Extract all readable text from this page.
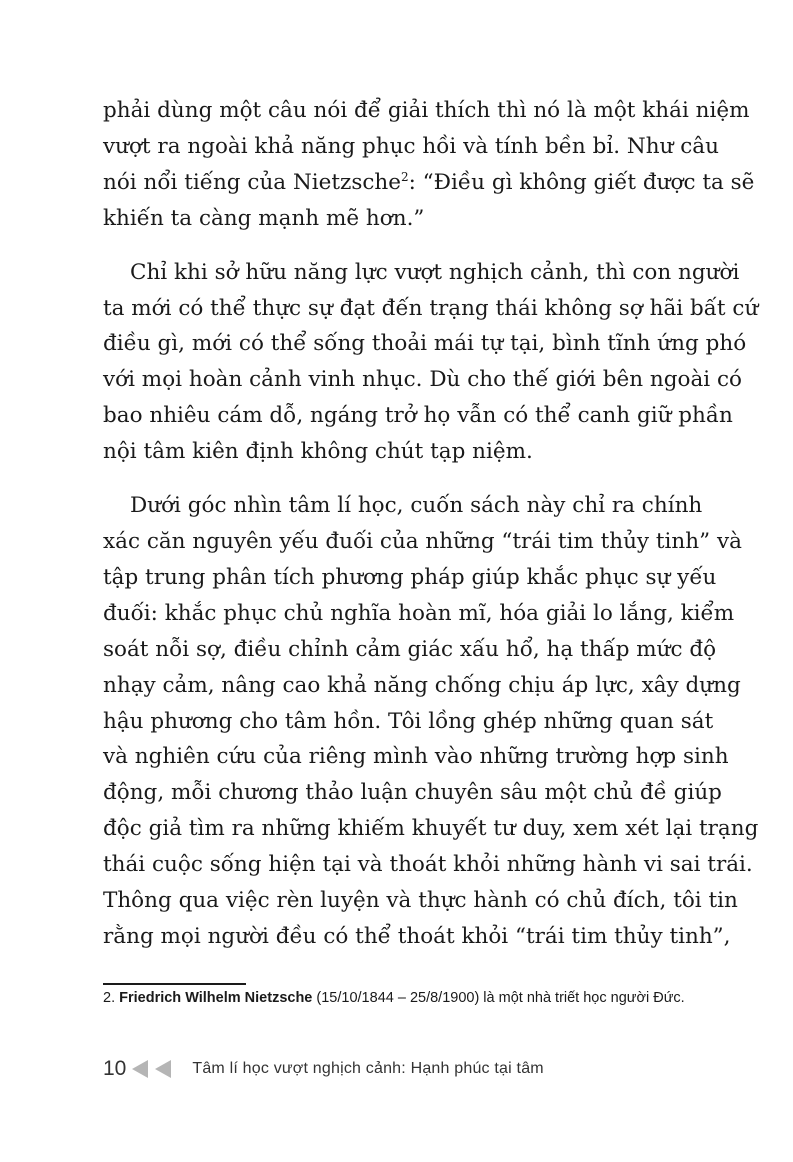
phải dùng một câu nói để giải thích thì nó là một khái niệm
vượt ra ngoài khả năng phục hồi và tính bền bỉ. Như câu
nói nổi tiếng của Nietzsche$^2$: “Điều gì không giết được ta sẽ
khiến ta càng mạnh mẽ hơn.”

Chỉ khi sở hữu năng lực vượt nghịch cảnh, thì con người
ta mới có thể thực sự đạt đến trạng thái không sợ hãi bất cứ
điều gì, mới có thể sống thoải mái tự tại, bình tĩnh ứng phó
với mọi hoàn cảnh vinh nhục. Dù cho thế giới bên ngoài có
bao nhiêu cám dỗ, ngáng trở họ vẫn có thể canh giữ phần
nội tâm kiên định không chút tạp niệm.

Dưới góc nhìn tâm lí học, cuốn sách này chỉ ra chính
xác căn nguyên yếu đuối của những “trái tim thủy tinh” và
tập trung phân tích phương pháp giúp khắc phục sự yếu
đuối: khắc phục chủ nghĩa hoàn mĩ, hóa giải lo lắng, kiểm
soát nỗi sợ, điều chỉnh cảm giác xấu hổ, hạ thấp mức độ
nhạy cảm, nâng cao khả năng chống chịu áp lực, xây dựng
hậu phương cho tâm hồn. Tôi lồng ghép những quan sát
và nghiên cứu của riêng mình vào những trường hợp sinh
động, mỗi chương thảo luận chuyên sâu một chủ đề giúp
độc giả tìm ra những khiếm khuyết tư duy, xem xét lại trạng
thái cuộc sống hiện tại và thoát khỏi những hành vi sai trái.
Thông qua việc rèn luyện và thực hành có chủ đích, tôi tin
rằng mọi người đều có thể thoát khỏi “trái tim thủy tinh”,

2. Friedrich Wilhelm Nietzsche (15/10/1844 – 25/8/1900) là một nhà triết học người Đức.
10	Tâm lí học vượt nghịch cảnh: Hạnh phúc tại tâm
